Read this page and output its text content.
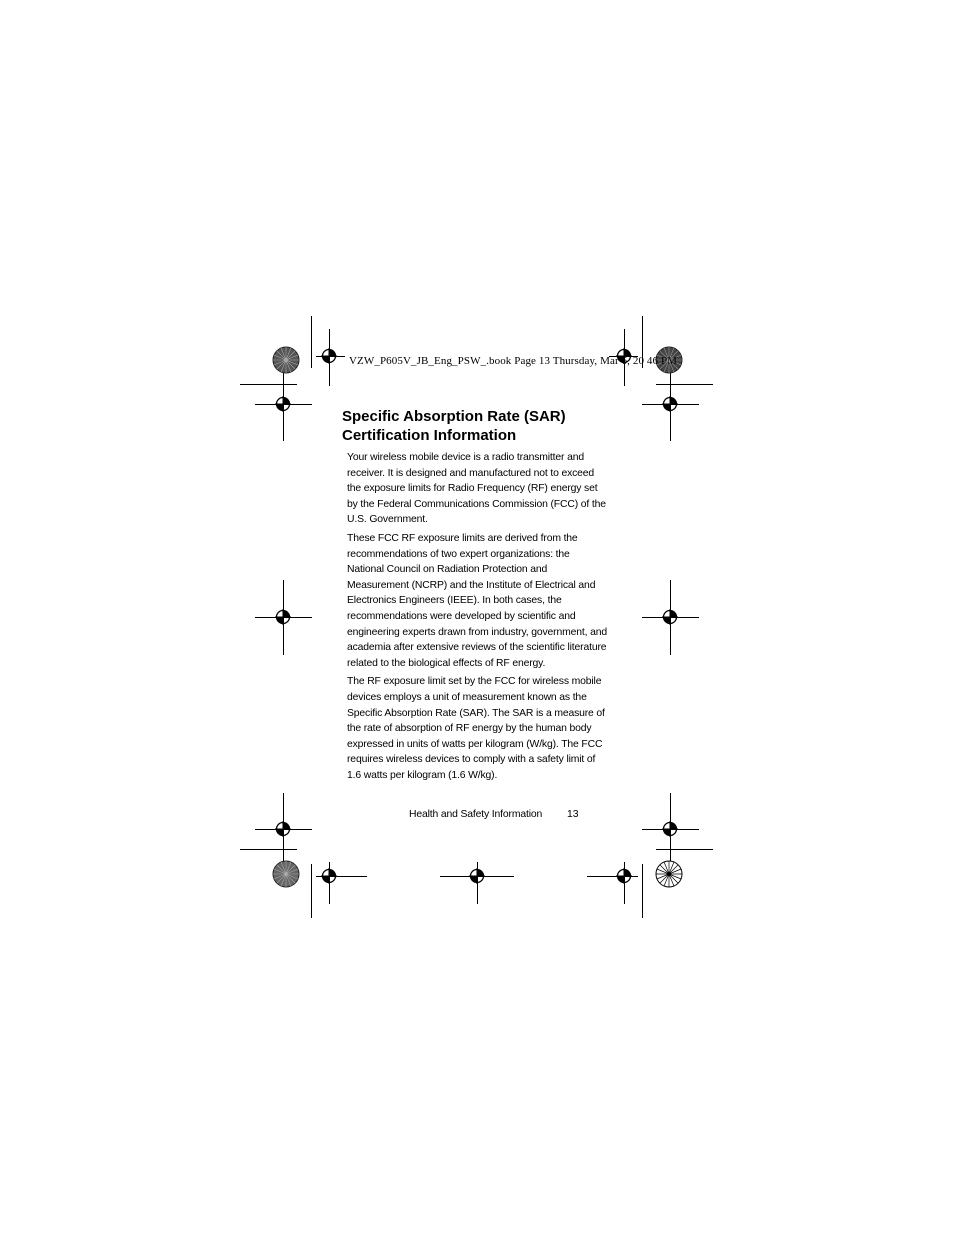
VZW_P605V_JB_Eng_PSW_.book Page 13 Thursday, Mar 6, 20 46 PM
Specific Absorption Rate (SAR)
Certification Information

Your wireless mobile device is a radio transmitter and receiver. It is designed and manufactured not to exceed the exposure limits for Radio Frequency (RF) energy set by the Federal Communications Commission (FCC) of the U.S. Government.

These FCC RF exposure limits are derived from the recommendations of two expert organizations: the National Council on Radiation Protection and Measurement (NCRP) and the Institute of Electrical and Electronics Engineers (IEEE). In both cases, the recommendations were developed by scientific and engineering experts drawn from industry, government, and academia after extensive reviews of the scientific literature related to the biological effects of RF energy.

The RF exposure limit set by the FCC for wireless mobile devices employs a unit of measurement known as the Specific Absorption Rate (SAR). The SAR is a measure of the rate of absorption of RF energy by the human body expressed in units of watts per kilogram (W/kg). The FCC requires wireless devices to comply with a safety limit of 1.6 watts per kilogram (1.6 W/kg).

Health and Safety Information 13
